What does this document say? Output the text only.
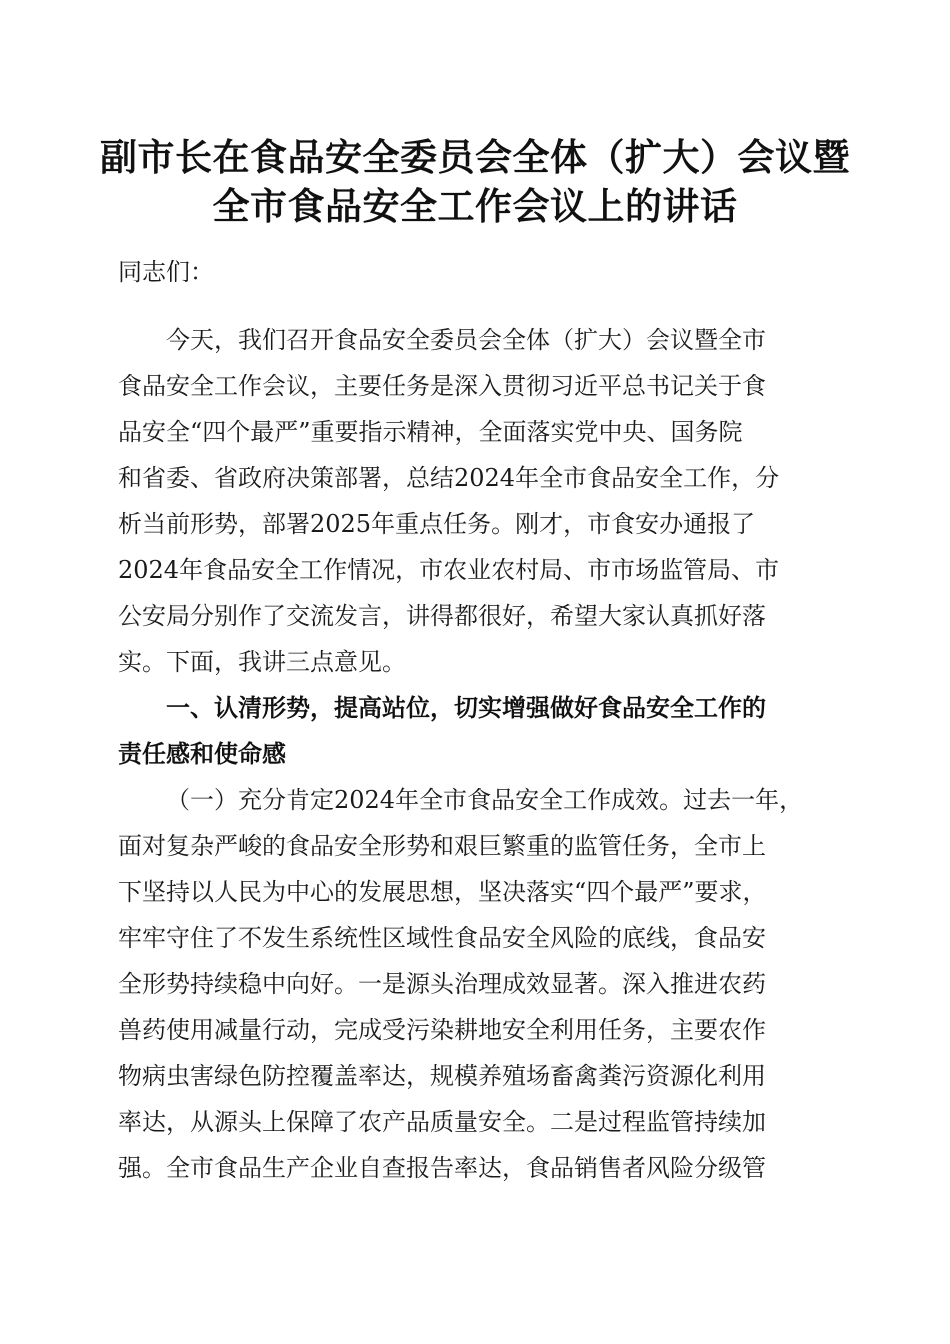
副市长在食品安全委员会全体（扩大）会议暨
全市食品安全工作会议上的讲话
同志们：
今天，我们召开食品安全委员会全体（扩大）会议暨全市
食品安全工作会议，主要任务是深入贯彻习近平总书记关于食
品安全“四个最严”重要指示精神，全面落实党中央、国务院
和省委、省政府决策部署，总结2024年全市食品安全工作，分
析当前形势，部署2025年重点任务。刚才，市食安办通报了
2024年食品安全工作情况，市农业农村局、市市场监管局、市
公安局分别作了交流发言，讲得都很好，希望大家认真抓好落
实。下面，我讲三点意见。
一、认清形势，提高站位，切实增强做好食品安全工作的
责任感和使命感
（一）充分肯定2024年全市食品安全工作成效。过去一年，
面对复杂严峻的食品安全形势和艰巨繁重的监管任务，全市上
下坚持以人民为中心的发展思想，坚决落实“四个最严”要求，
牢牢守住了不发生系统性区域性食品安全风险的底线，食品安
全形势持续稳中向好。一是源头治理成效显著。深入推进农药
兽药使用减量行动，完成受污染耕地安全利用任务，主要农作
物病虫害绿色防控覆盖率达，规模养殖场畜禽粪污资源化利用
率达，从源头上保障了农产品质量安全。二是过程监管持续加
强。全市食品生产企业自查报告率达，食品销售者风险分级管
